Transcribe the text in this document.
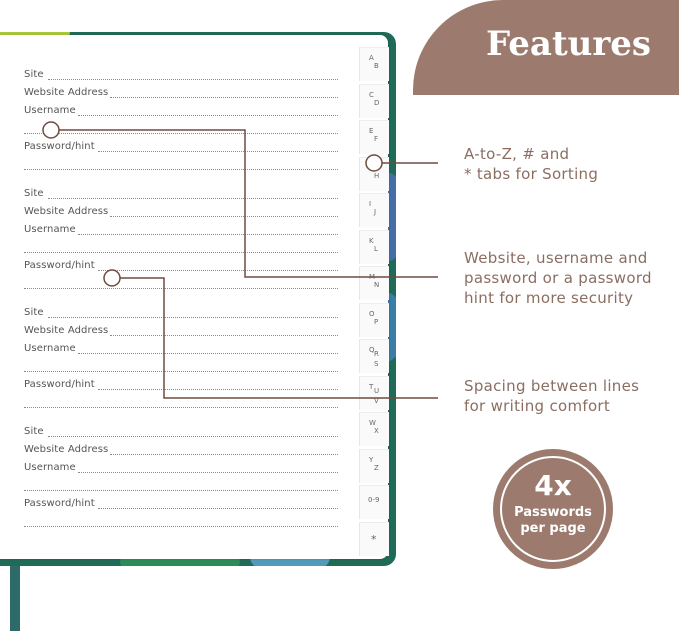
Site
Website Address
Username
Password/hint
Site
Website Address
Username
Password/hint
Site
Website Address
Username
Password/hint
Site
Website Address
Username
Password/hint
A
B
C
D
E
F
H
I
J
K
L
M
N
O
P
Q R
S
T U
V
W
X
Y
Z
0-9
*
Features
A-to-Z, # and
* tabs for Sorting
Website, username and
password or a password
hint for more security
Spacing between lines
for writing comfort
4x
Passwords
per page
